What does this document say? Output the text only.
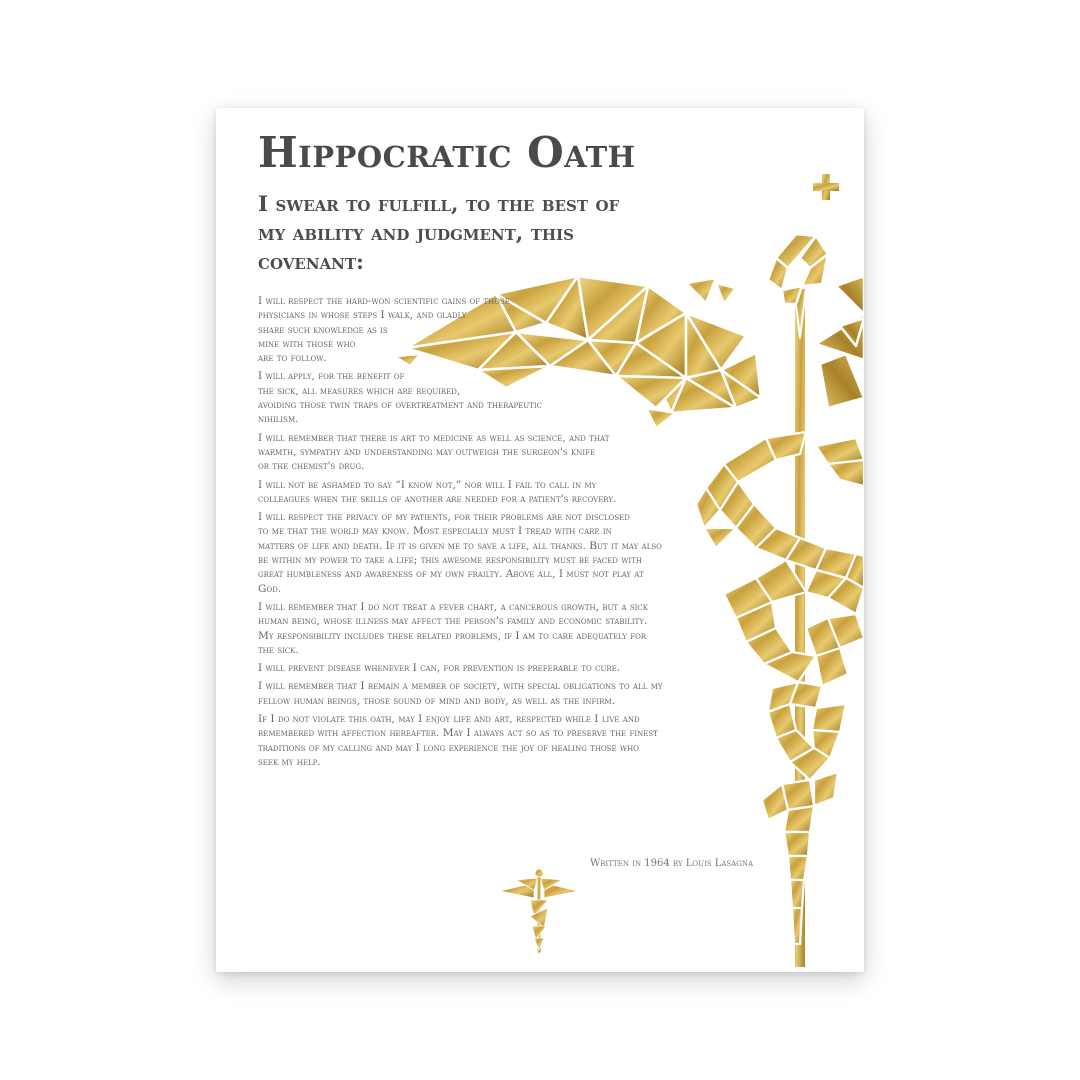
Hippocratic Oath
I swear to fulfill, to the best of
my ability and judgment, this
covenant:

I will respect the hard-won scientific gains of those
physicians in whose steps I walk, and gladly
share such knowledge as is
mine with those who
are to follow.

I will apply, for the benefit of
the sick, all measures which are required,
avoiding those twin traps of overtreatment and therapeutic
nihilism.

I will remember that there is art to medicine as well as science, and that
warmth, sympathy and understanding may outweigh the surgeon's knife
or the chemist's drug.

I will not be ashamed to say “I know not,” nor will I fail to call in my
colleagues when the skills of another are needed for a patient's recovery.

I will respect the privacy of my patients, for their problems are not disclosed
to me that the world may know. Most especially must I tread with care in
matters of life and death. If it is given me to save a life, all thanks. But it may also
be within my power to take a life; this awesome responsibility must be faced with
great humbleness and awareness of my own frailty. Above all, I must not play at
God.

I will remember that I do not treat a fever chart, a cancerous growth, but a sick
human being, whose illness may affect the person's family and economic stability.
My responsibility includes these related problems, if I am to care adequately for
the sick.

I will prevent disease whenever I can, for prevention is preferable to cure.

I will remember that I remain a member of society, with special obligations to all my
fellow human beings, those sound of mind and body, as well as the infirm.

If I do not violate this oath, may I enjoy life and art, respected while I live and
remembered with affection hereafter. May I always act so as to preserve the finest
traditions of my calling and may I long experience the joy of healing those who
seek my help.

Written in 1964 by Louis Lasagna
